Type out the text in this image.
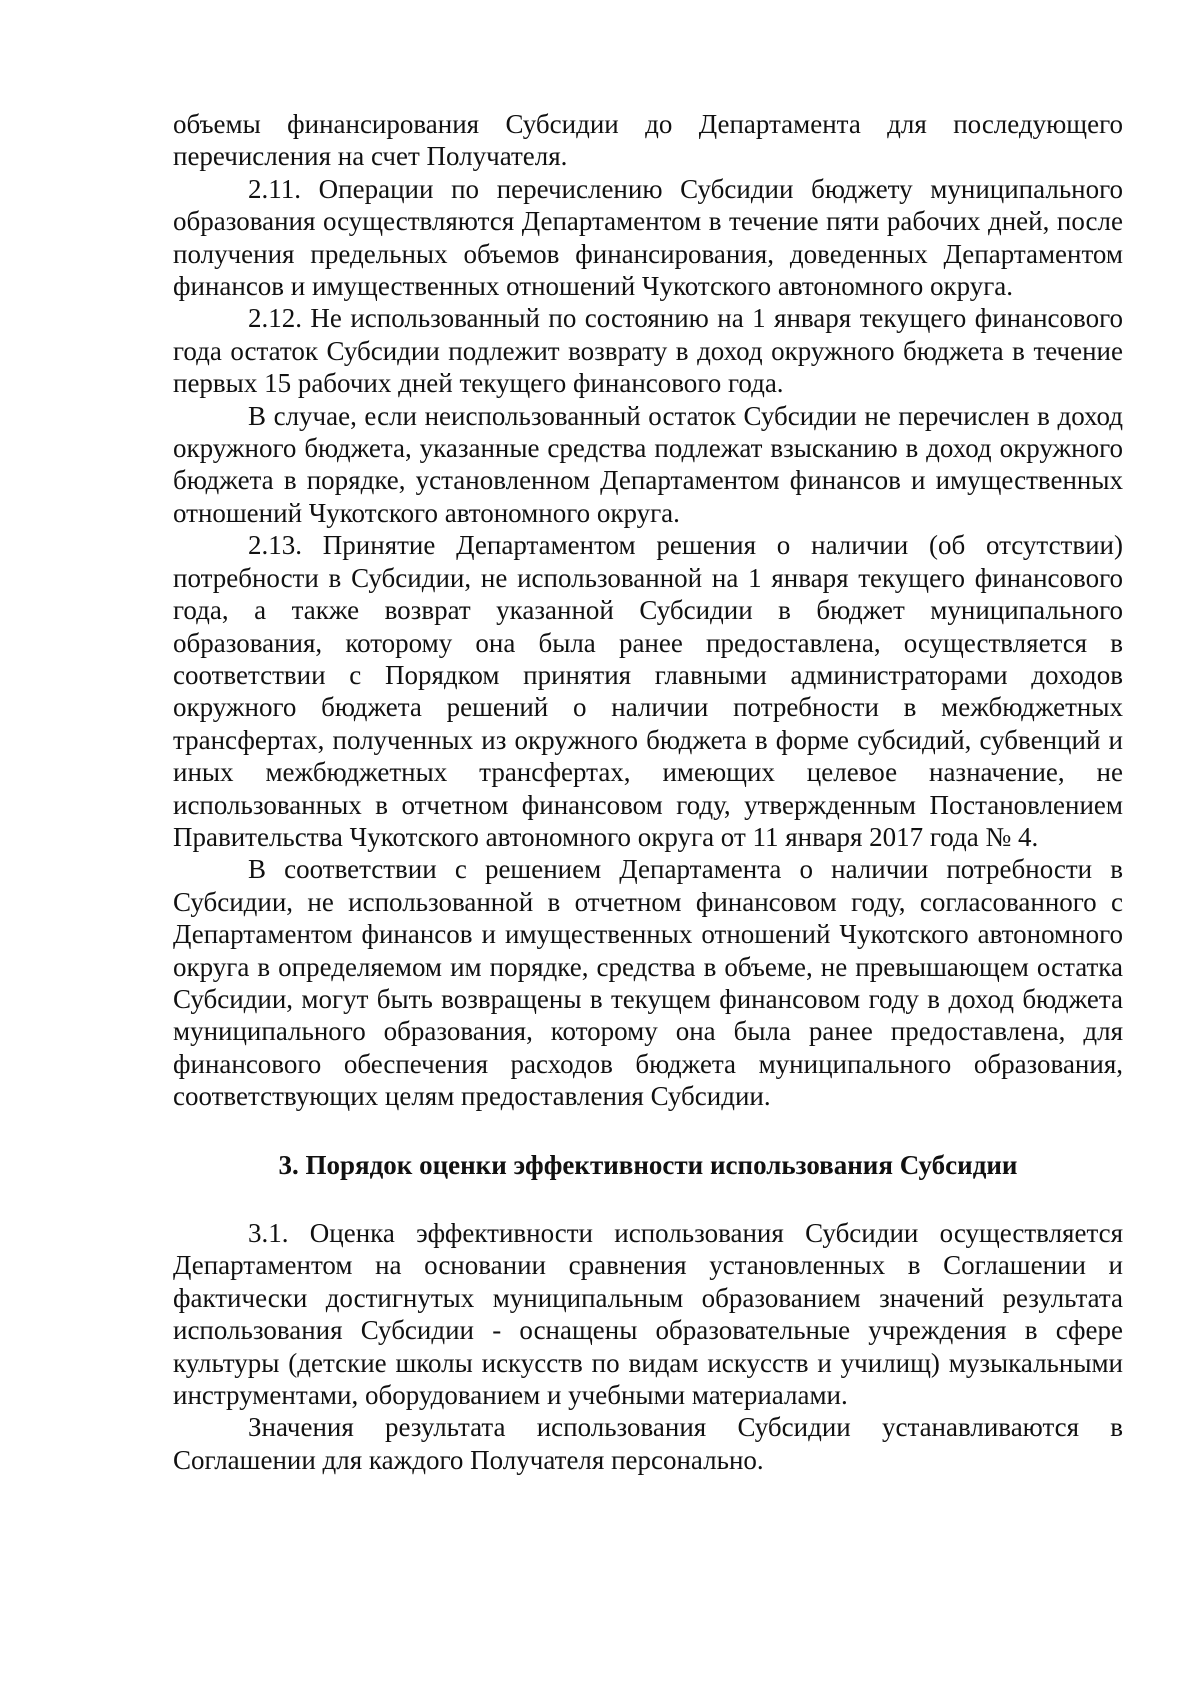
объемы финансирования Субсидии до Департамента для последующего перечисления на счет Получателя.

2.11. Операции по перечислению Субсидии бюджету муниципального образования осуществляются Департаментом в течение пяти рабочих дней, после получения предельных объемов финансирования, доведенных Департаментом финансов и имущественных отношений Чукотского автономного округа.

2.12. Не использованный по состоянию на 1 января текущего финансового года остаток Субсидии подлежит возврату в доход окружного бюджета в течение первых 15 рабочих дней текущего финансового года.

В случае, если неиспользованный остаток Субсидии не перечислен в доход окружного бюджета, указанные средства подлежат взысканию в доход окружного бюджета в порядке, установленном Департаментом финансов и имущественных отношений Чукотского автономного округа.

2.13. Принятие Департаментом решения о наличии (об отсутствии) потребности в Субсидии, не использованной на 1 января текущего финансового года, а также возврат указанной Субсидии в бюджет муниципального образования, которому она была ранее предоставлена, осуществляется в соответствии с Порядком принятия главными администраторами доходов окружного бюджета решений о наличии потребности в межбюджетных трансфертах, полученных из окружного бюджета в форме субсидий, субвенций и иных межбюджетных трансфертах, имеющих целевое назначение, не использованных в отчетном финансовом году, утвержденным Постановлением Правительства Чукотского автономного округа от 11 января 2017 года № 4.

В соответствии с решением Департамента о наличии потребности в Субсидии, не использованной в отчетном финансовом году, согласованного с Департаментом финансов и имущественных отношений Чукотского автономного округа в определяемом им порядке, средства в объеме, не превышающем остатка Субсидии, могут быть возвращены в текущем финансовом году в доход бюджета муниципального образования, которому она была ранее предоставлена, для финансового обеспечения расходов бюджета муниципального образования, соответствующих целям предоставления Субсидии.

3. Порядок оценки эффективности использования Субсидии

3.1. Оценка эффективности использования Субсидии осуществляется Департаментом на основании сравнения установленных в Соглашении и фактически достигнутых муниципальным образованием значений результата использования Субсидии - оснащены образовательные учреждения в сфере культуры (детские школы искусств по видам искусств и училищ) музыкальными инструментами, оборудованием и учебными материалами.

Значения результата использования Субсидии устанавливаются в Соглашении для каждого Получателя персонально.
